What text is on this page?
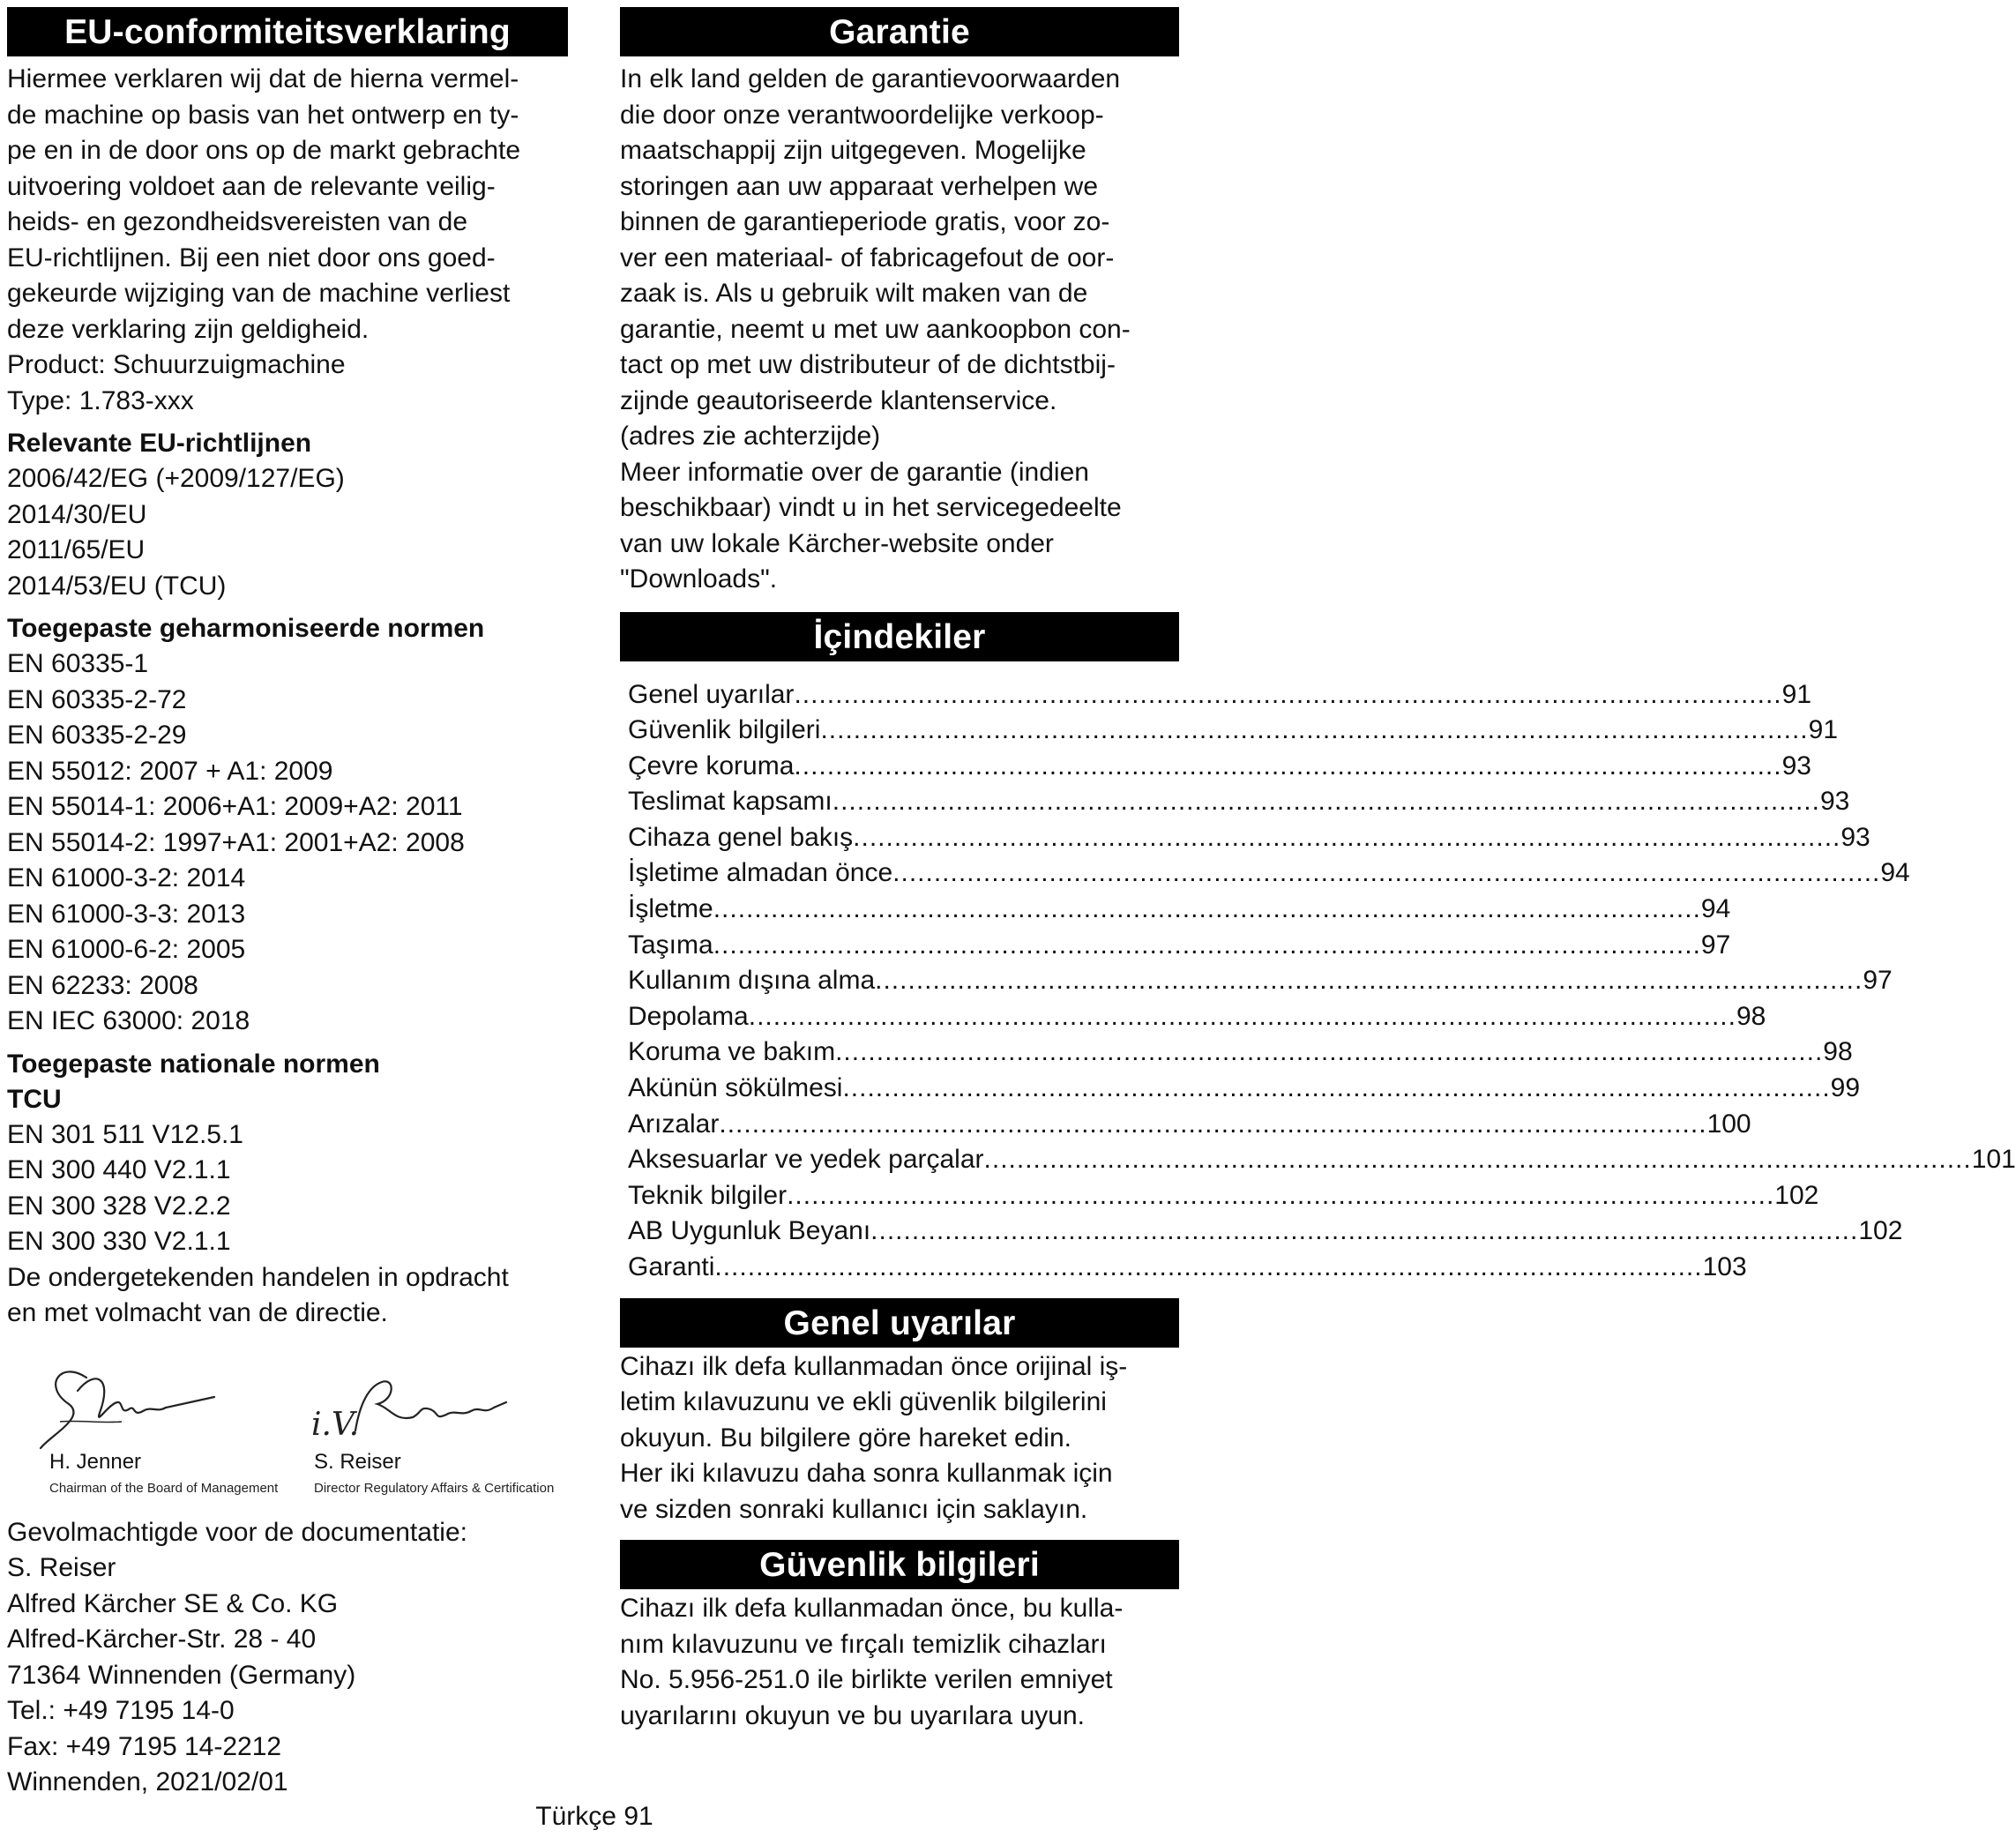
EU-conformiteitsverklaring
Hiermee verklaren wij dat de hierna vermel-
de machine op basis van het ontwerp en ty-
pe en in de door ons op de markt gebrachte
uitvoering voldoet aan de relevante veilig-
heids- en gezondheidsvereisten van de
EU-richtlijnen. Bij een niet door ons goed-
gekeurde wijziging van de machine verliest
deze verklaring zijn geldigheid.
Product: Schuurzuigmachine
Type: 1.783-xxx
Relevante EU-richtlijnen
2006/42/EG (+2009/127/EG)
2014/30/EU
2011/65/EU
2014/53/EU (TCU)
Toegepaste geharmoniseerde normen
EN 60335-1
EN 60335-2-72
EN 60335-2-29
EN 55012: 2007 + A1: 2009
EN 55014-1: 2006+A1: 2009+A2: 2011
EN 55014-2: 1997+A1: 2001+A2: 2008
EN 61000-3-2: 2014
EN 61000-3-3: 2013
EN 61000-6-2: 2005
EN 62233: 2008
EN IEC 63000: 2018
Toegepaste nationale normen
TCU
EN 301 511 V12.5.1
EN 300 440 V2.1.1
EN 300 328 V2.2.2
EN 300 330 V2.1.1
De ondergetekenden handelen in opdracht
en met volmacht van de directie.
H. Jenner
Chairman of the Board of Management
i.V.
S. Reiser
Director Regulatory Affairs & Certification
Gevolmachtigde voor de documentatie:
S. Reiser
Alfred Kärcher SE & Co. KG
Alfred-Kärcher-Str. 28 - 40
71364 Winnenden (Germany)
Tel.: +49 7195 14-0
Fax: +49 7195 14-2212
Winnenden, 2021/02/01
Garantie
In elk land gelden de garantievoorwaarden
die door onze verantwoordelijke verkoop-
maatschappij zijn uitgegeven. Mogelijke
storingen aan uw apparaat verhelpen we
binnen de garantieperiode gratis, voor zo-
ver een materiaal- of fabricagefout de oor-
zaak is. Als u gebruik wilt maken van de
garantie, neemt u met uw aankoopbon con-
tact op met uw distributeur of de dichtstbij-
zijnde geautoriseerde klantenservice.
(adres zie achterzijde)
Meer informatie over de garantie (indien
beschikbaar) vindt u in het servicegedeelte
van uw lokale Kärcher-website onder
"Downloads".
İçindekiler
Genel uyarılar ........................................................................................................................ 91
Güvenlik bilgileri ........................................................................................................................ 91
Çevre koruma ........................................................................................................................ 93
Teslimat kapsamı ........................................................................................................................ 93
Cihaza genel bakış ........................................................................................................................ 93
İşletime almadan önce ........................................................................................................................ 94
İşletme ........................................................................................................................ 94
Taşıma ........................................................................................................................ 97
Kullanım dışına alma ........................................................................................................................ 97
Depolama ........................................................................................................................ 98
Koruma ve bakım ........................................................................................................................ 98
Akünün sökülmesi ........................................................................................................................ 99
Arızalar ........................................................................................................................ 100
Aksesuarlar ve yedek parçalar ........................................................................................................................ 101
Teknik bilgiler ........................................................................................................................ 102
AB Uygunluk Beyanı ........................................................................................................................ 102
Garanti ........................................................................................................................ 103
Genel uyarılar
Cihazı ilk defa kullanmadan önce orijinal iş-
letim kılavuzunu ve ekli güvenlik bilgilerini
okuyun. Bu bilgilere göre hareket edin.
Her iki kılavuzu daha sonra kullanmak için
ve sizden sonraki kullanıcı için saklayın.
Güvenlik bilgileri
Cihazı ilk defa kullanmadan önce, bu kulla-
nım kılavuzunu ve fırçalı temizlik cihazları
No. 5.956-251.0 ile birlikte verilen emniyet
uyarılarını okuyun ve bu uyarılara uyun.
Türkçe 91
